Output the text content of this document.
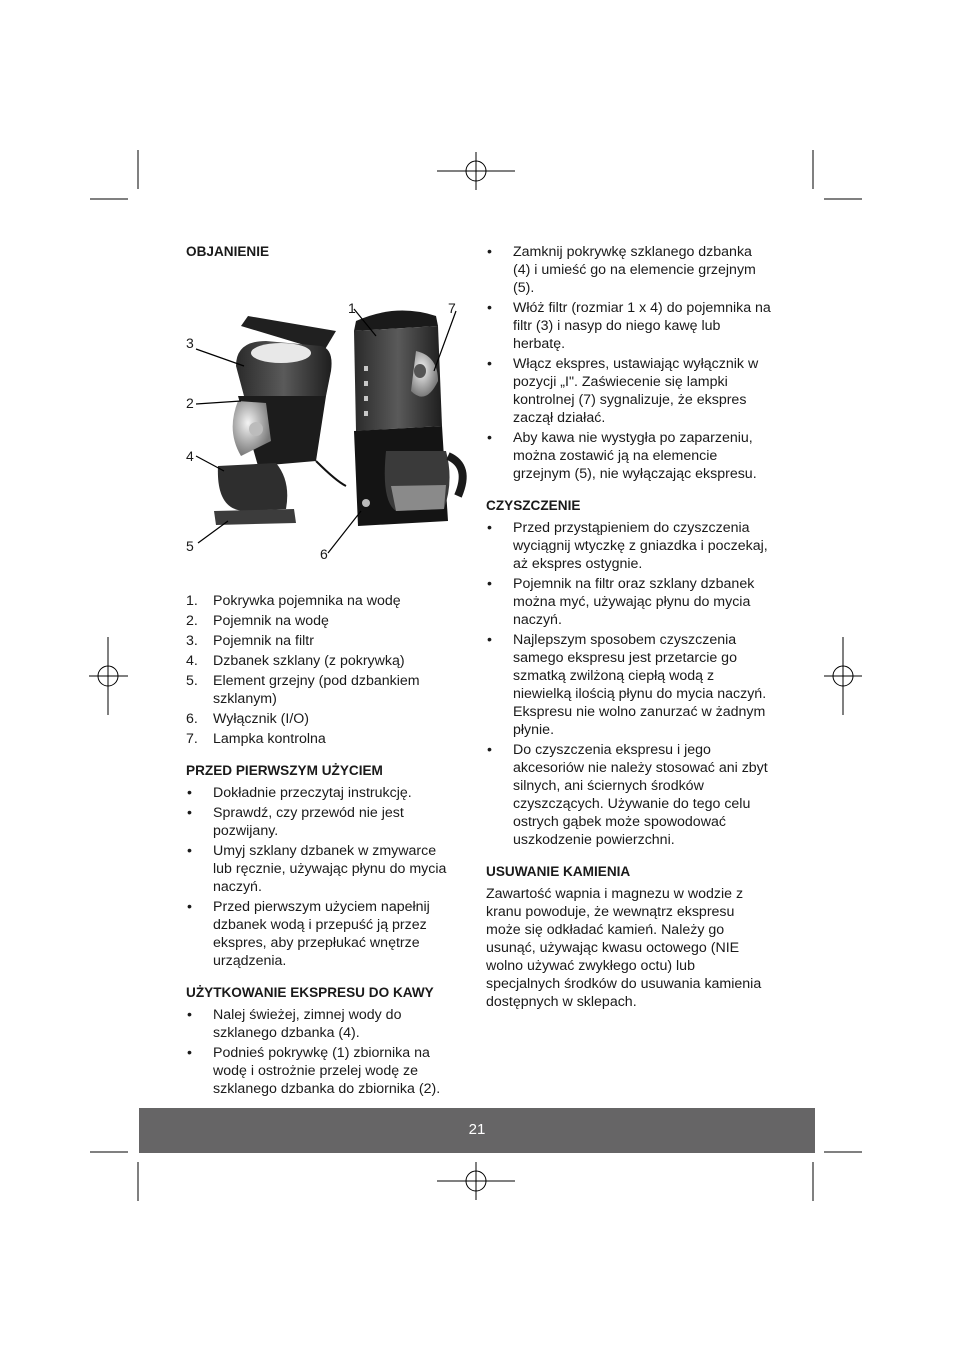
OBJANIENIE
1	7
3
2
4
5	6
1. Pokrywka pojemnika na wodę
2. Pojemnik na wodę
3. Pojemnik na filtr
4. Dzbanek szklany (z pokrywką)
5. Element grzejny (pod dzbankiem szklanym)
6. Wyłącznik (I/O)
7. Lampka kontrolna
PRZED PIERWSZYM UŻYCIEM
• Dokładnie przeczytaj instrukcję.
• Sprawdź, czy przewód nie jest pozwijany.
• Umyj szklany dzbanek w zmywarce lub ręcznie, używając płynu do mycia naczyń.
• Przed pierwszym użyciem napełnij dzbanek wodą i przepuść ją przez ekspres, aby przepłukać wnętrze urządzenia.
UŻYTKOWANIE EKSPRESU DO KAWY
• Nalej świeżej, zimnej wody do szklanego dzbanka (4).
• Podnieś pokrywkę (1) zbiornika na wodę i ostrożnie przelej wodę ze szklanego dzbanka do zbiornika (2).
• Zamknij pokrywkę szklanego dzbanka (4) i umieść go na elemencie grzejnym (5).
• Włóż filtr (rozmiar 1 x 4) do pojemnika na filtr (3) i nasyp do niego kawę lub herbatę.
• Włącz ekspres, ustawiając wyłącznik w pozycji „I". Zaświecenie się lampki kontrolnej (7) sygnalizuje, że ekspres zaczął działać.
• Aby kawa nie wystygła po zaparzeniu, można zostawić ją na elemencie grzejnym (5), nie wyłączając ekspresu.
CZYSZCZENIE
• Przed przystąpieniem do czyszczenia wyciągnij wtyczkę z gniazdka i poczekaj, aż ekspres ostygnie.
• Pojemnik na filtr oraz szklany dzbanek można myć, używając płynu do mycia naczyń.
• Najlepszym sposobem czyszczenia samego ekspresu jest przetarcie go szmatką zwilżoną ciepłą wodą z niewielką ilością płynu do mycia naczyń. Ekspresu nie wolno zanurzać w żadnym płynie.
• Do czyszczenia ekspresu i jego akcesoriów nie należy stosować ani zbyt silnych, ani ściernych środków czyszczących. Używanie do tego celu ostrych gąbek może spowodować uszkodzenie powierzchni.
USUWANIE KAMIENIA

Zawartość wapnia i magnezu w wodzie z kranu powoduje, że wewnątrz ekspresu może się odkładać kamień. Należy go usunąć, używając kwasu octowego (NIE wolno używać zwykłego octu) lub specjalnych środków do usuwania kamienia dostępnych w sklepach.

21
